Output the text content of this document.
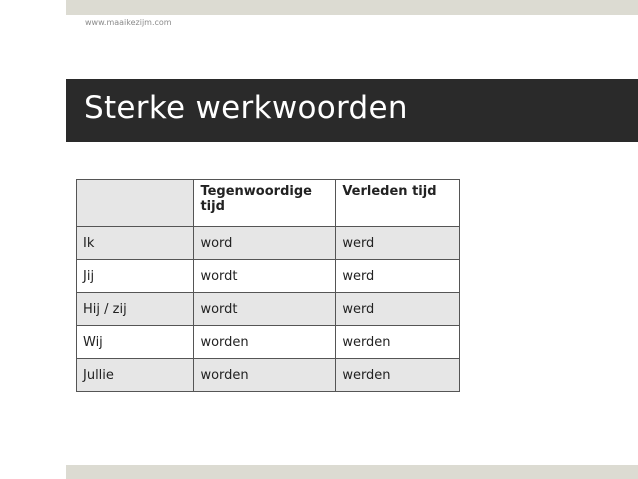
www.maaikezijm.com
Sterke werkwoorden
	Tegenwoordige tijd	Verleden tijd
Ik	word	werd
Jij	wordt	werd
Hij / zij	wordt	werd
Wij	worden	werden
Jullie	worden	werden
